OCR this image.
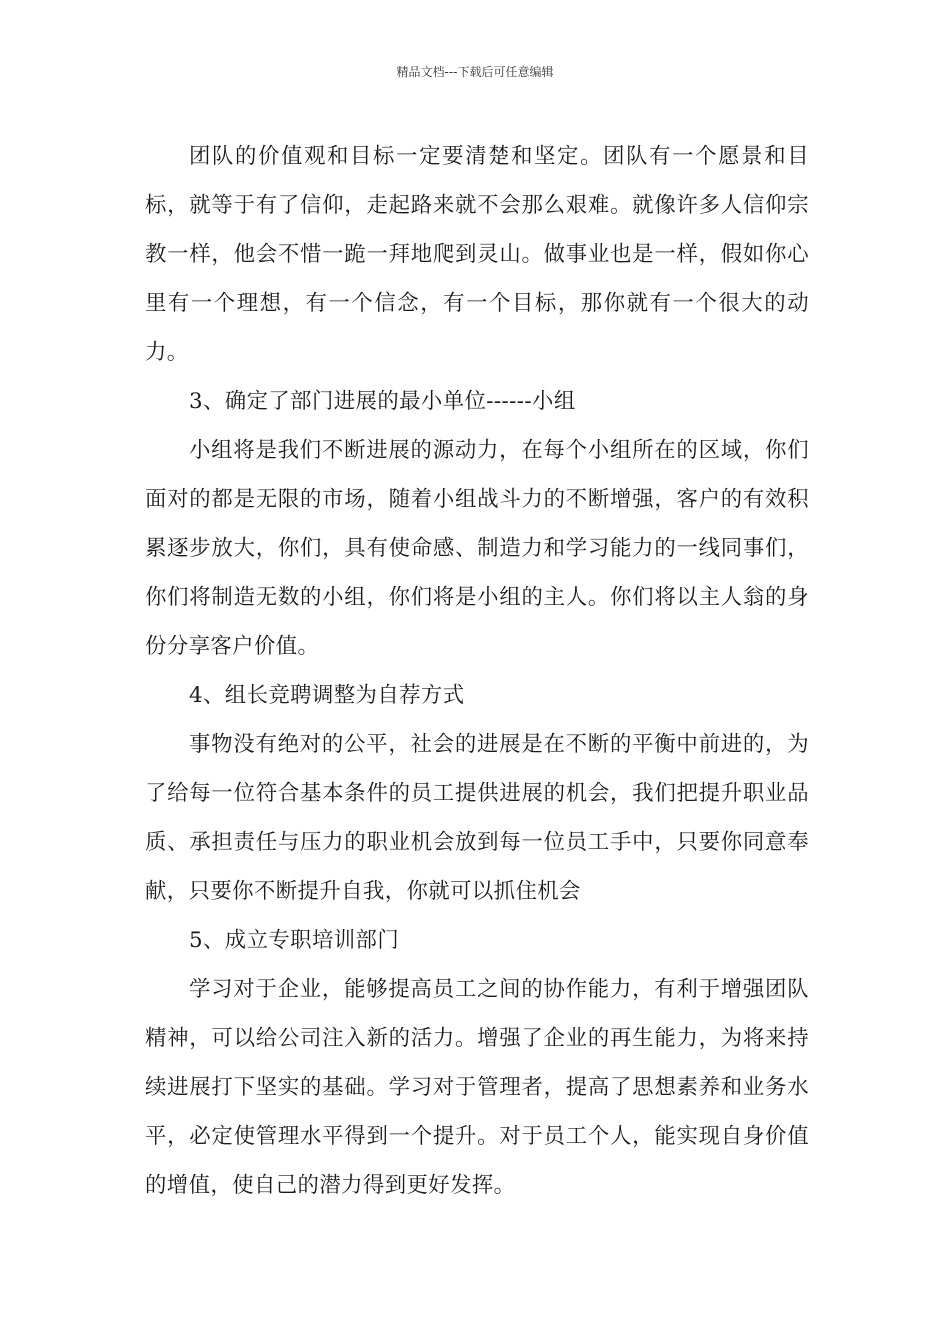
精品文档---下载后可任意编辑

团队的价值观和目标一定要清楚和坚定。团队有一个愿景和目标，就等于有了信仰，走起路来就不会那么艰难。就像许多人信仰宗教一样，他会不惜一跪一拜地爬到灵山。做事业也是一样，假如你心里有一个理想，有一个信念，有一个目标，那你就有一个很大的动力。

3、确定了部门进展的最小单位------小组

小组将是我们不断进展的源动力，在每个小组所在的区域，你们面对的都是无限的市场，随着小组战斗力的不断增强，客户的有效积累逐步放大，你们，具有使命感、制造力和学习能力的一线同事们，你们将制造无数的小组，你们将是小组的主人。你们将以主人翁的身份分享客户价值。

4、组长竞聘调整为自荐方式

事物没有绝对的公平，社会的进展是在不断的平衡中前进的，为了给每一位符合基本条件的员工提供进展的机会，我们把提升职业品质、承担责任与压力的职业机会放到每一位员工手中，只要你同意奉献，只要你不断提升自我，你就可以抓住机会

5、成立专职培训部门

学习对于企业，能够提高员工之间的协作能力，有利于增强团队精神，可以给公司注入新的活力。增强了企业的再生能力，为将来持续进展打下坚实的基础。学习对于管理者，提高了思想素养和业务水平，必定使管理水平得到一个提升。对于员工个人，能实现自身价值的增值，使自己的潜力得到更好发挥。
